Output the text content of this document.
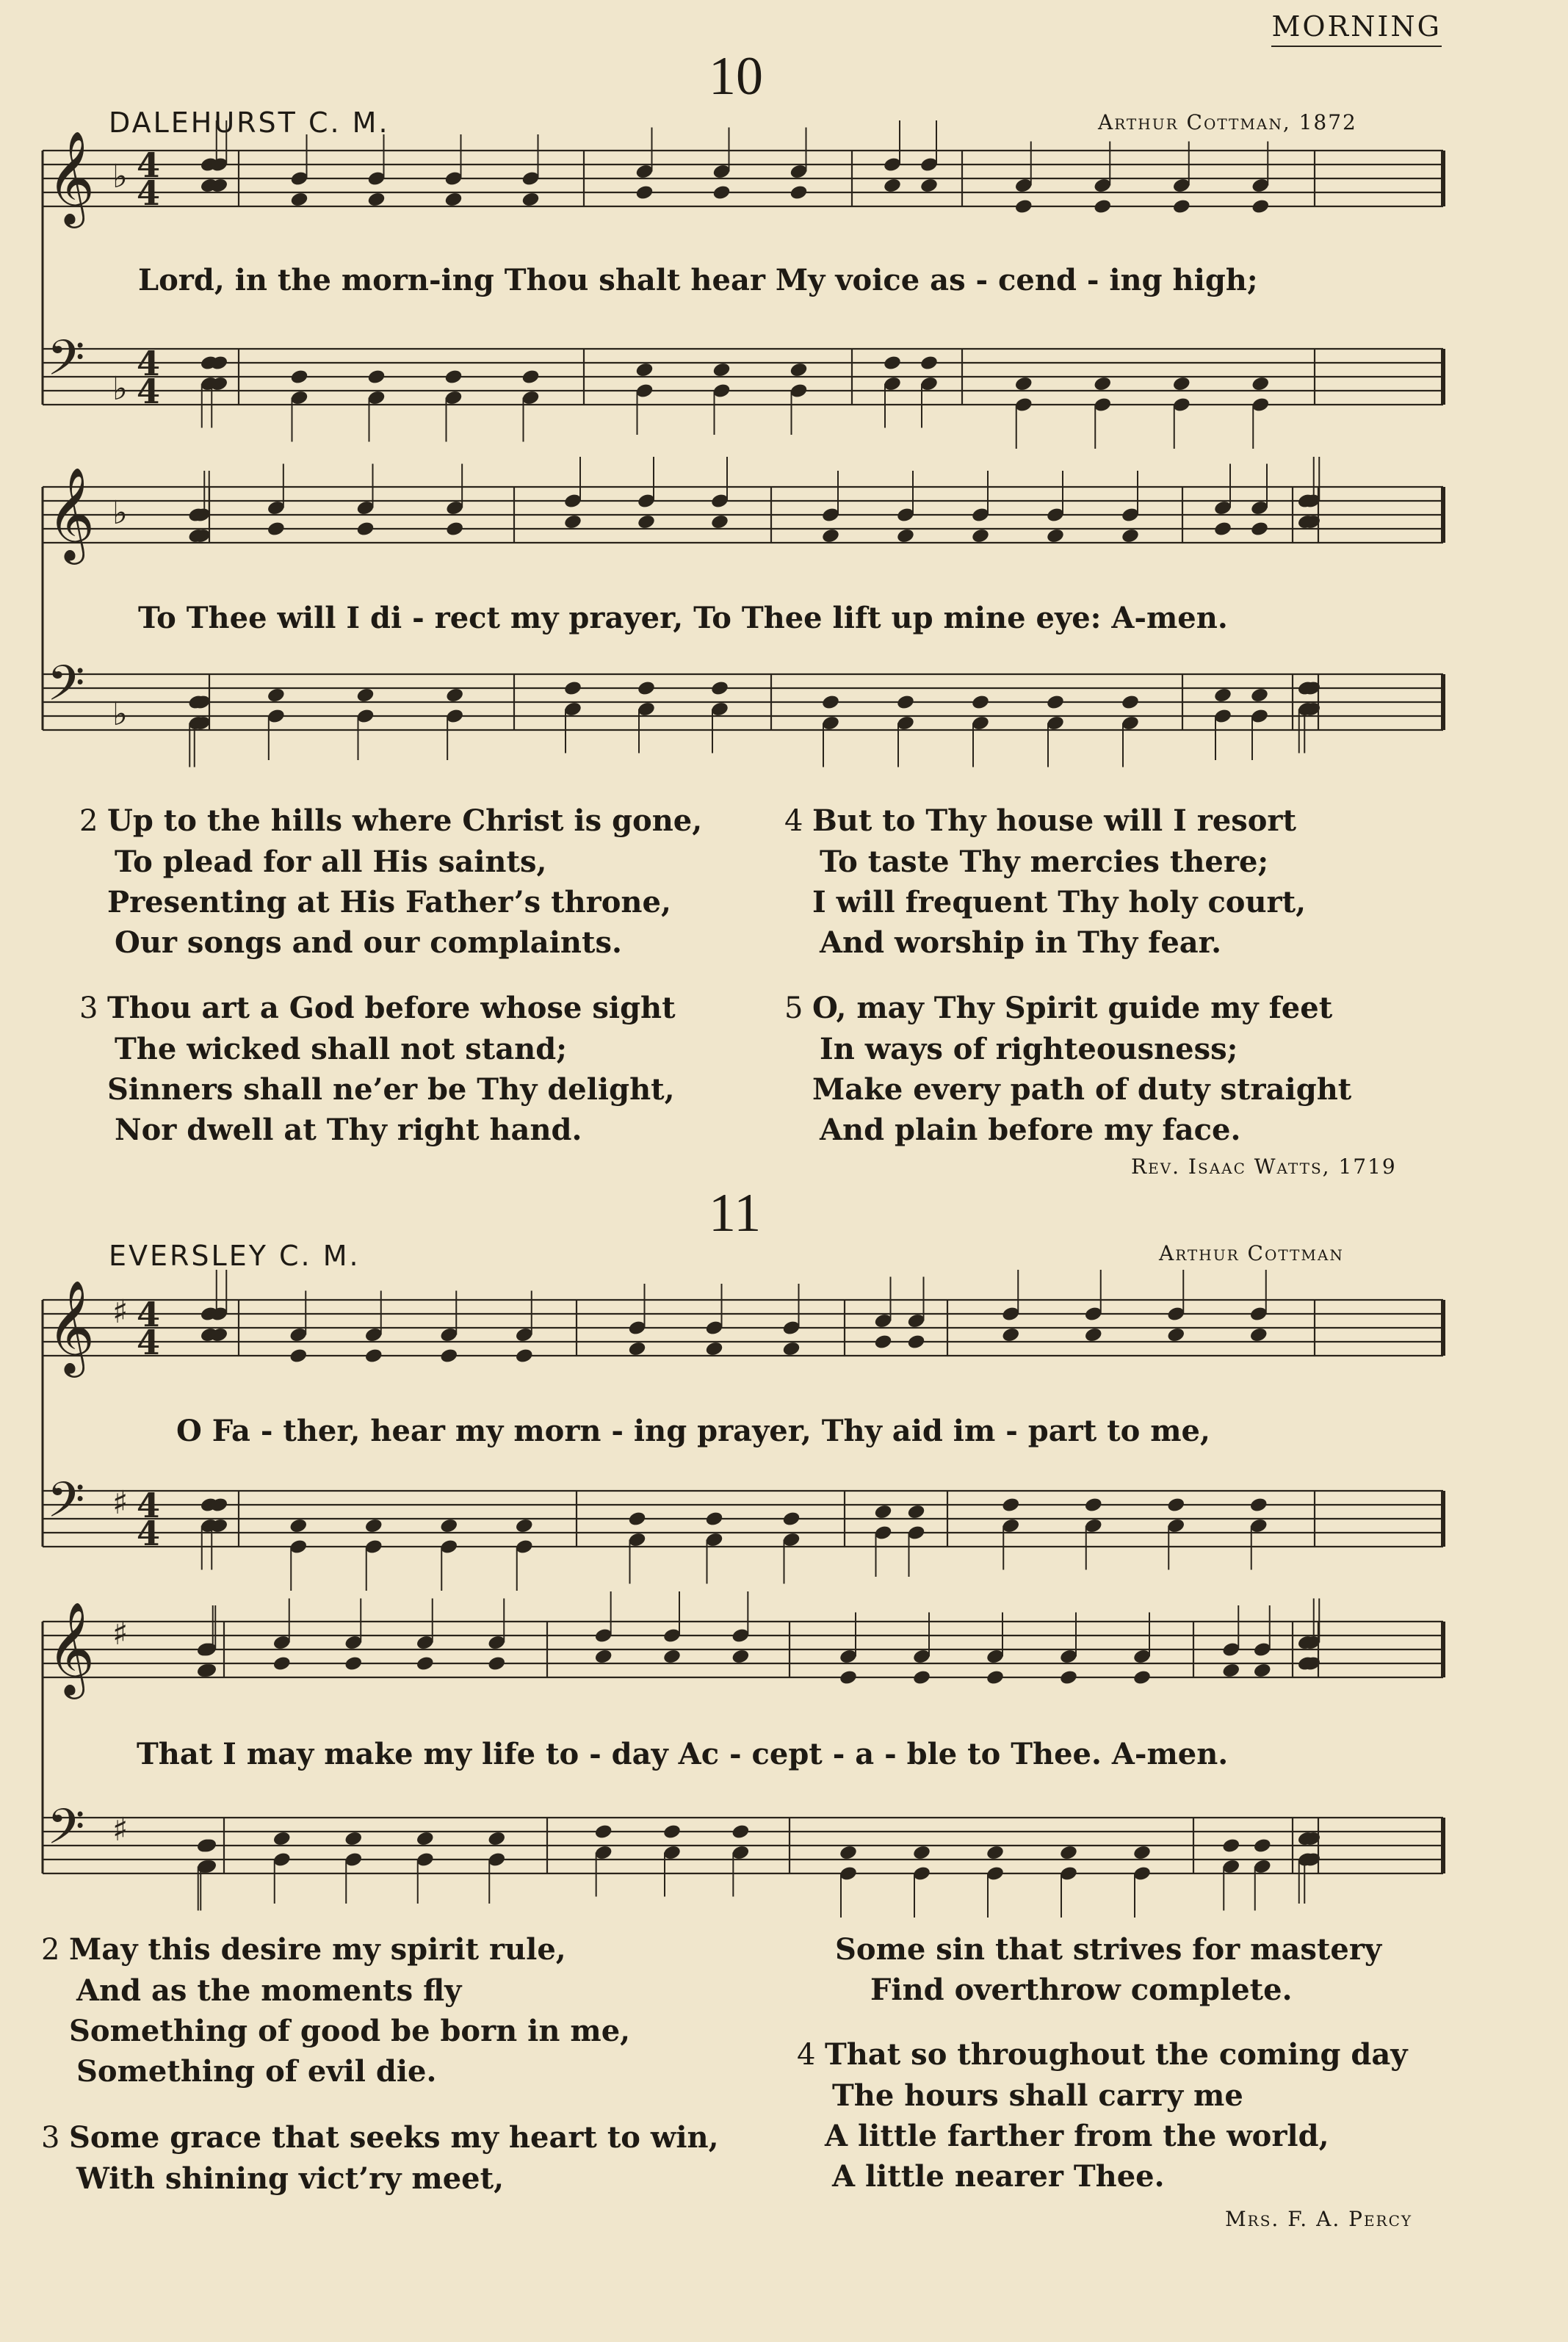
MORNING
10
DALEHURST C. M.	Arthur Cottman, 1872
Lord, in the morn-ing Thou shalt hear My voice as - cend - ing high;
To Thee will I di - rect my prayer, To Thee lift up mine eye: A-men.
2 Up to the hills where Christ is gone,
To plead for all His saints,
Presenting at His Father’s throne,
Our songs and our complaints.
3 Thou art a God before whose sight
The wicked shall not stand;
Sinners shall ne’er be Thy delight,
Nor dwell at Thy right hand.
4 But to Thy house will I resort
To taste Thy mercies there;
I will frequent Thy holy court,
And worship in Thy fear.
5 O, may Thy Spirit guide my feet
In ways of righteousness;
Make every path of duty straight
And plain before my face.
Rev. Isaac Watts, 1719
11
EVERSLEY C. M.	Arthur Cottman
O Fa - ther, hear my morn - ing prayer, Thy aid im - part to me,
That I may make my life to - day Ac - cept - a - ble to Thee. A-men.
2 May this desire my spirit rule,
And as the moments fly
Something of good be born in me,
Something of evil die.
3 Some grace that seeks my heart to win,
With shining vict’ry meet,
Some sin that strives for mastery
Find overthrow complete.
4 That so throughout the coming day
The hours shall carry me
A little farther from the world,
A little nearer Thee.
Mrs. F. A. Percy
𝄞 ♭ 4
4
𝄢 ♭
4
4
𝄞 ♭
𝄢 ♭
𝄞 ♯ 4
4
𝄢 ♯ 4
4
𝄞 ♯
𝄢 ♯
